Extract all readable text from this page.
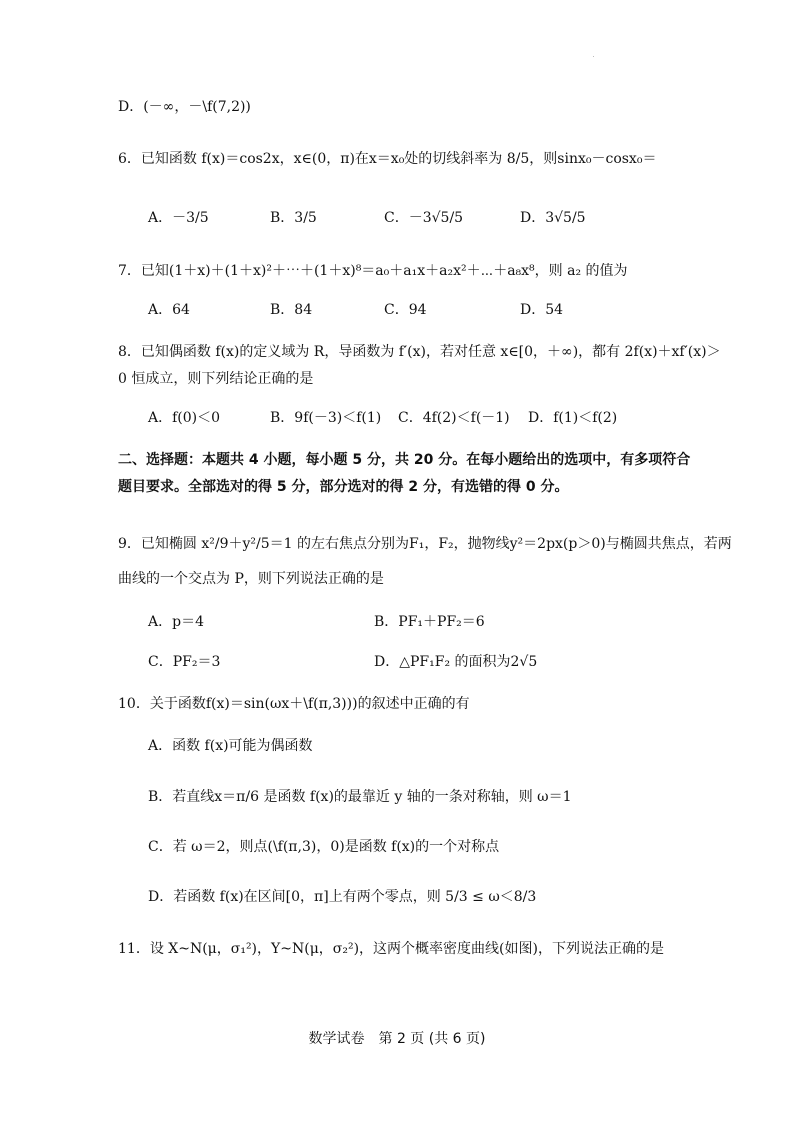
D．(－∞，－\f(7,2))
6．已知函数 f(x)＝cos2x，x∈(0，π)在x＝x₀处的切线斜率为 8/5，则sinx₀－cosx₀＝
A．－3/5	B．3/5	C．－3√5/5	D．3√5/5
7．已知(1＋x)＋(1＋x)²＋⋯＋(1＋x)⁸＝a₀＋a₁x＋a₂x²＋⋯＋a₈x⁸，则 a₂ 的值为
A．64	B．84	C．94	D．54
8．已知偶函数 f(x)的定义域为 R，导函数为 f′(x)，若对任意 x∈[0，＋∞)，都有 2f(x)＋xf′(x)＞
0 恒成立，则下列结论正确的是
A．f(0)＜0	B．9f(－3)＜f(1) C．4f(2)＜f(－1) D．f(1)＜f(2)
二、选择题：本题共 4 小题，每小题 5 分，共 20 分。在每小题给出的选项中，有多项符合
题目要求。全部选对的得 5 分，部分选对的得 2 分，有选错的得 0 分。
9．已知椭圆 x²/9＋y²/5＝1 的左右焦点分别为F₁，F₂，抛物线y²＝2px(p＞0)与椭圆共焦点，若两
曲线的一个交点为 P，则下列说法正确的是
A．p＝4	B．PF₁＋PF₂＝6
C．PF₂＝3	D．△PF₁F₂ 的面积为2√5
10．关于函数f(x)＝sin(ωx＋\f(π,3)))的叙述中正确的有
A．函数 f(x)可能为偶函数
B．若直线x＝π/6 是函数 f(x)的最靠近 y 轴的一条对称轴，则 ω＝1
C．若 ω＝2，则点(\f(π,3)，0)是函数 f(x)的一个对称点
D．若函数 f(x)在区间[0，π]上有两个零点，则 5/3 ≤ ω＜8/3
11．设 X~N(μ，σ₁²)，Y~N(μ，σ₂²)，这两个概率密度曲线(如图)，下列说法正确的是
数学试卷　第 2 页 (共 6 页)
